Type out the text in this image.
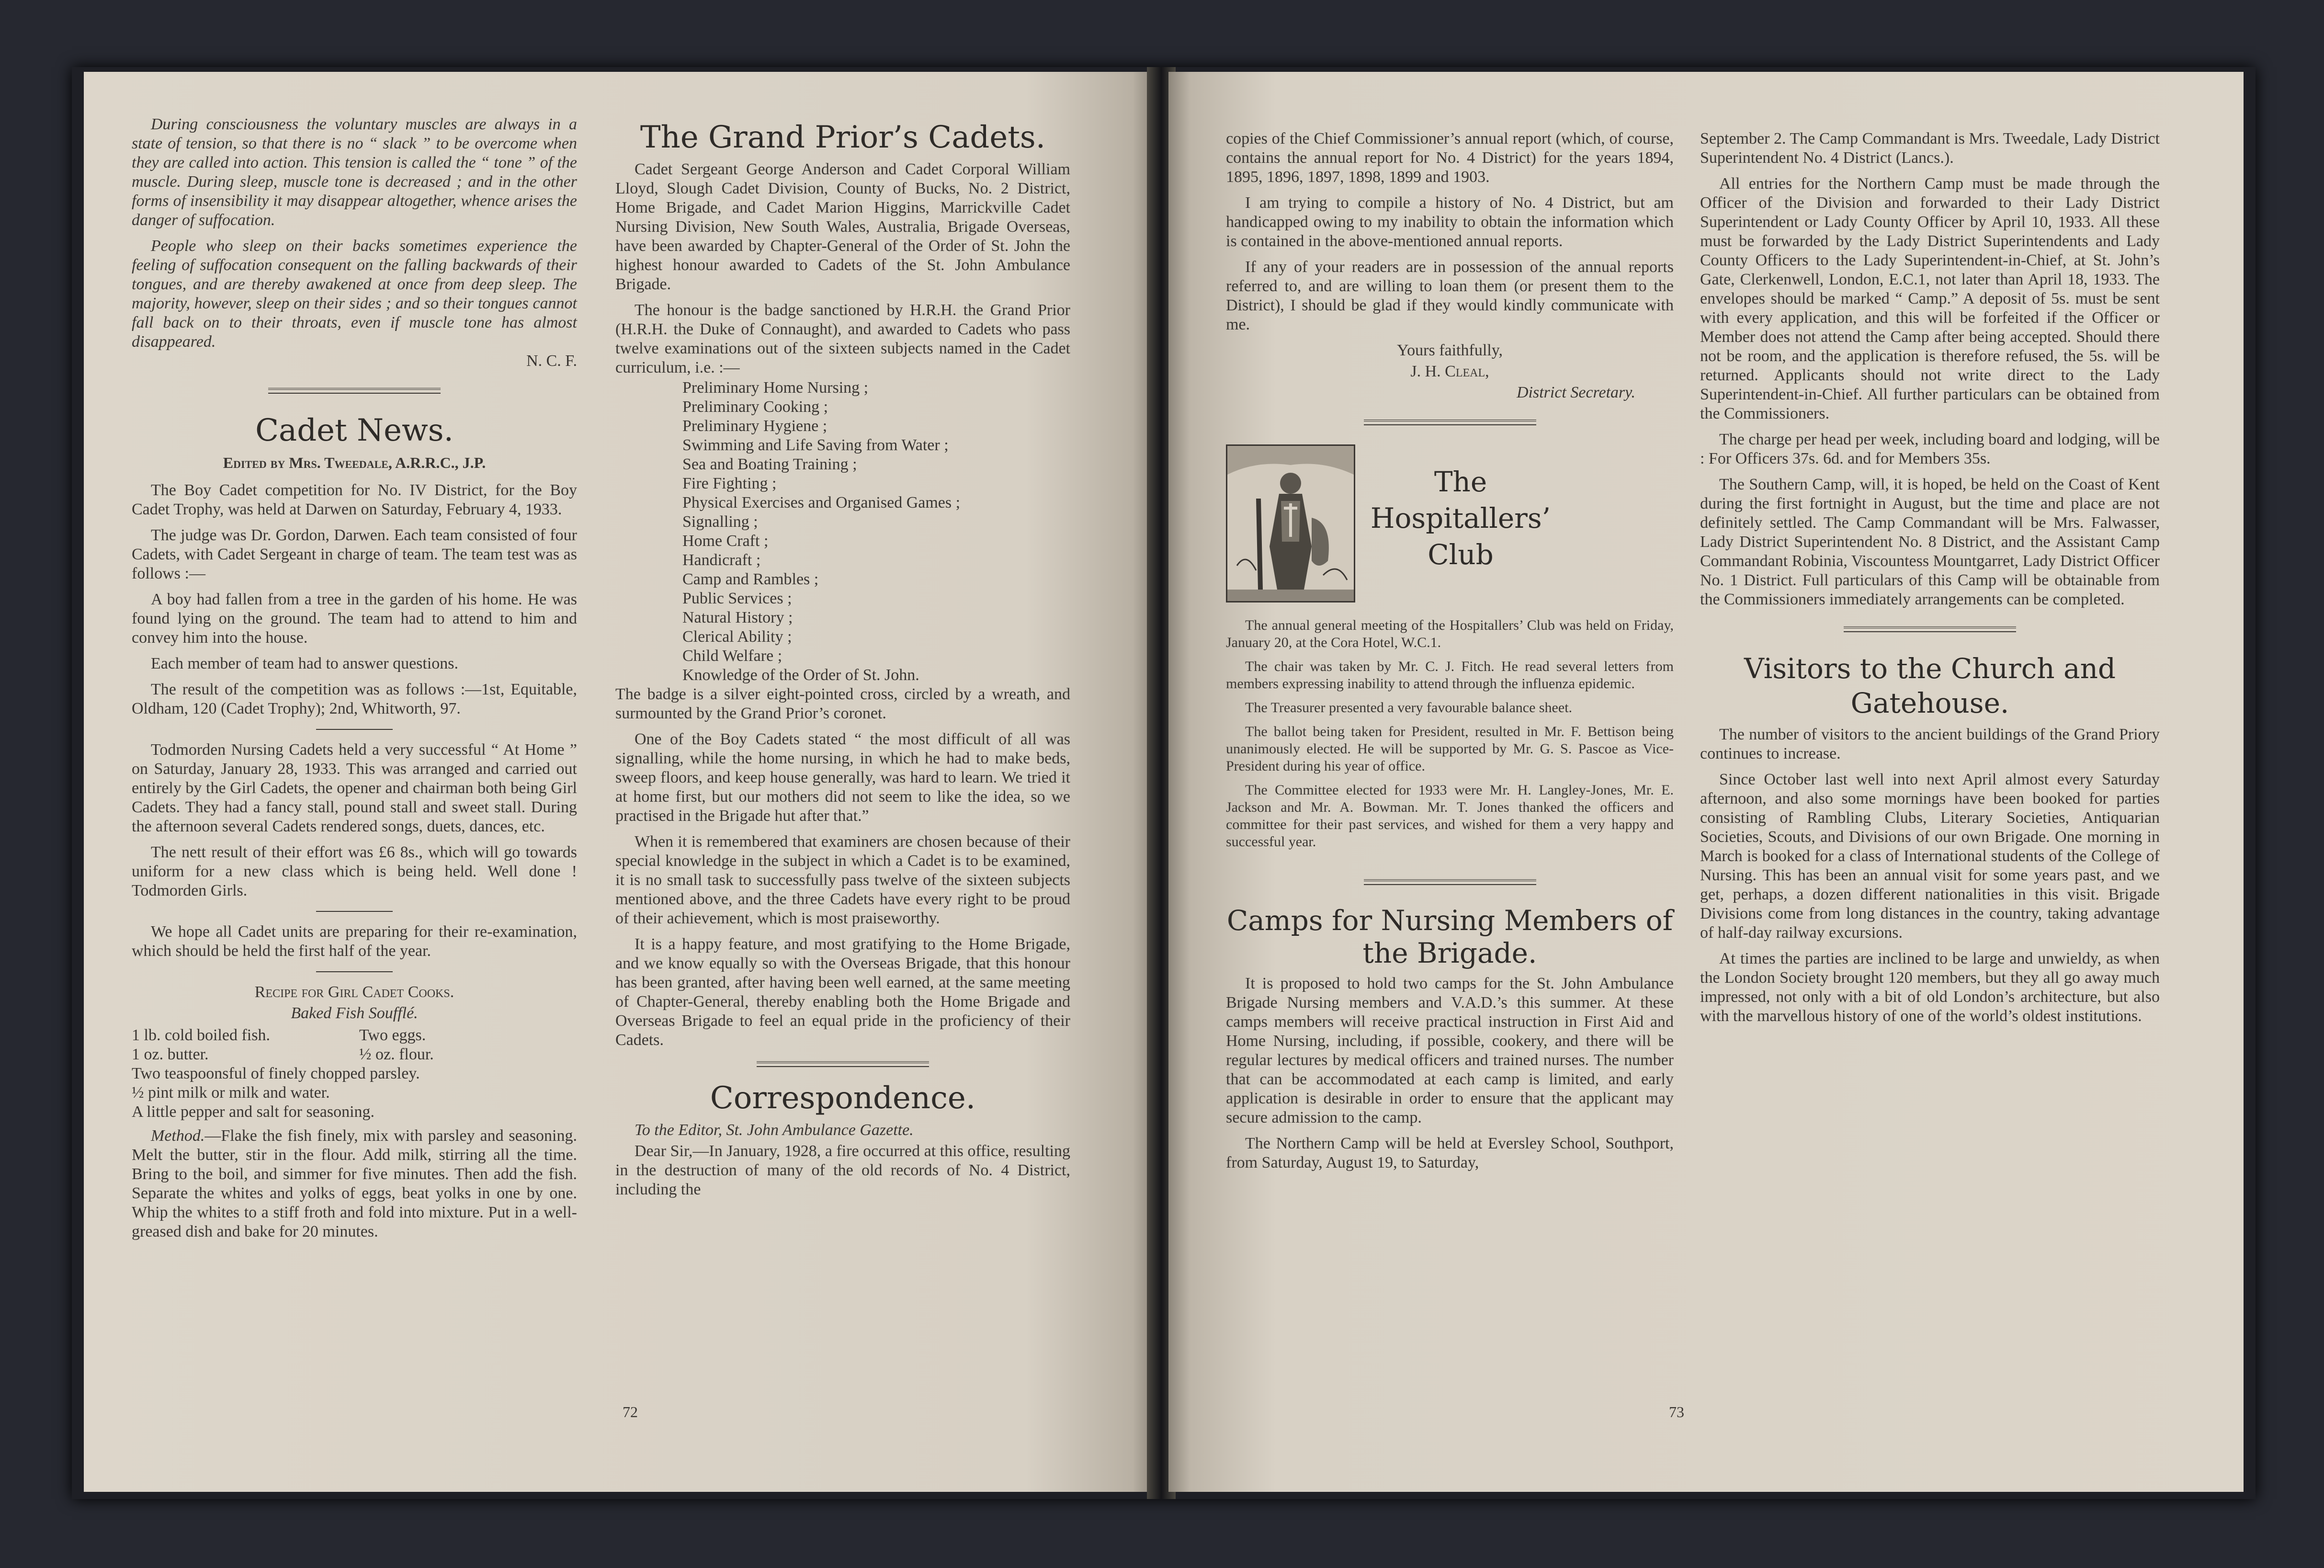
During consciousness the voluntary muscles are always in a state of tension, so that there is no “ slack ” to be overcome when they are called into action. This tension is called the “ tone ” of the muscle. During sleep, muscle tone is decreased ; and in the other forms of insensibility it may disappear altogether, whence arises the danger of suffocation.

People who sleep on their backs sometimes experience the feeling of suffocation consequent on the falling backwards of their tongues, and are thereby awakened at once from deep sleep. The majority, however, sleep on their sides ; and so their tongues cannot fall back on to their throats, even if muscle tone has almost disappeared.

N. C. F.

Cadet News.
Edited by Mrs. Tweedale, A.R.R.C., J.P.

The Boy Cadet competition for No. IV District, for the Boy Cadet Trophy, was held at Darwen on Saturday, February 4, 1933.

The judge was Dr. Gordon, Darwen. Each team consisted of four Cadets, with Cadet Sergeant in charge of team. The team test was as follows :—

A boy had fallen from a tree in the garden of his home. He was found lying on the ground. The team had to attend to him and convey him into the house.

Each member of team had to answer questions.

The result of the competition was as follows :—1st, Equitable, Oldham, 120 (Cadet Trophy); 2nd, Whitworth, 97.

Todmorden Nursing Cadets held a very successful “ At Home ” on Saturday, January 28, 1933. This was arranged and carried out entirely by the Girl Cadets, the opener and chairman both being Girl Cadets. They had a fancy stall, pound stall and sweet stall. During the afternoon several Cadets rendered songs, duets, dances, etc.

The nett result of their effort was £6 8s., which will go towards uniform for a new class which is being held. Well done ! Todmorden Girls.

We hope all Cadet units are preparing for their re-examination, which should be held the first half of the year.

Recipe for Girl Cadet Cooks.

Baked Fish Soufflé.

1 lb. cold boiled fish.	Two eggs.
1 oz. butter.	½ oz. flour.
Two teaspoonsful of finely chopped parsley.
½ pint milk or milk and water.
A little pepper and salt for seasoning.

Method.—Flake the fish finely, mix with parsley and seasoning. Melt the butter, stir in the flour. Add milk, stirring all the time. Bring to the boil, and simmer for five minutes. Then add the fish. Separate the whites and yolks of eggs, beat yolks in one by one. Whip the whites to a stiff froth and fold into mixture. Put in a well-greased dish and bake for 20 minutes.

The Grand Prior’s Cadets.

Cadet Sergeant George Anderson and Cadet Corporal William Lloyd, Slough Cadet Division, County of Bucks, No. 2 District, Home Brigade, and Cadet Marion Higgins, Marrickville Cadet Nursing Division, New South Wales, Australia, Brigade Overseas, have been awarded by Chapter-General of the Order of St. John the highest honour awarded to Cadets of the St. John Ambulance Brigade.

The honour is the badge sanctioned by H.R.H. the Grand Prior (H.R.H. the Duke of Connaught), and awarded to Cadets who pass twelve examinations out of the sixteen subjects named in the Cadet curriculum, i.e. :—

Preliminary Home Nursing ;
Preliminary Cooking ;
Preliminary Hygiene ;
Swimming and Life Saving from Water ;
Sea and Boating Training ;
Fire Fighting ;
Physical Exercises and Organised Games ;
Signalling ;
Home Craft ;
Handicraft ;
Camp and Rambles ;
Public Services ;
Natural History ;
Clerical Ability ;
Child Welfare ;
Knowledge of the Order of St. John.

The badge is a silver eight-pointed cross, circled by a wreath, and surmounted by the Grand Prior’s coronet.

One of the Boy Cadets stated “ the most difficult of all was signalling, while the home nursing, in which he had to make beds, sweep floors, and keep house generally, was hard to learn. We tried it at home first, but our mothers did not seem to like the idea, so we practised in the Brigade hut after that.”

When it is remembered that examiners are chosen because of their special knowledge in the subject in which a Cadet is to be examined, it is no small task to successfully pass twelve of the sixteen subjects mentioned above, and the three Cadets have every right to be proud of their achievement, which is most praiseworthy.

It is a happy feature, and most gratifying to the Home Brigade, and we know equally so with the Overseas Brigade, that this honour has been granted, after having been well earned, at the same meeting of Chapter-General, thereby enabling both the Home Brigade and Overseas Brigade to feel an equal pride in the proficiency of their Cadets.

Correspondence.

To the Editor, St. John Ambulance Gazette.

Dear Sir,—In January, 1928, a fire occurred at this office, resulting in the destruction of many of the old records of No. 4 District, including the

72

copies of the Chief Commissioner’s annual report (which, of course, contains the annual report for No. 4 District) for the years 1894, 1895, 1896, 1897, 1898, 1899 and 1903.

I am trying to compile a history of No. 4 District, but am handicapped owing to my inability to obtain the information which is contained in the above-mentioned annual reports.

If any of your readers are in possession of the annual reports referred to, and are willing to loan them (or present them to the District), I should be glad if they would kindly communicate with me.

Yours faithfully,

J. H. Cleal,

District Secretary.

The Hospitallers’ Club

The annual general meeting of the Hospitallers’ Club was held on Friday, January 20, at the Cora Hotel, W.C.1.

The chair was taken by Mr. C. J. Fitch. He read several letters from members expressing inability to attend through the influenza epidemic.

The Treasurer presented a very favourable balance sheet.

The ballot being taken for President, resulted in Mr. F. Bettison being unanimously elected. He will be supported by Mr. G. S. Pascoe as Vice-President during his year of office.

The Committee elected for 1933 were Mr. H. Langley-Jones, Mr. E. Jackson and Mr. A. Bowman. Mr. T. Jones thanked the officers and committee for their past services, and wished for them a very happy and successful year.

Camps for Nursing Members of the Brigade.

It is proposed to hold two camps for the St. John Ambulance Brigade Nursing members and V.A.D.’s this summer. At these camps members will receive practical instruction in First Aid and Home Nursing, including, if possible, cookery, and there will be regular lectures by medical officers and trained nurses. The number that can be accommodated at each camp is limited, and early application is desirable in order to ensure that the applicant may secure admission to the camp.

The Northern Camp will be held at Eversley School, Southport, from Saturday, August 19, to Saturday,

September 2. The Camp Commandant is Mrs. Tweedale, Lady District Superintendent No. 4 District (Lancs.).

All entries for the Northern Camp must be made through the Officer of the Division and forwarded to their Lady District Superintendent or Lady County Officer by April 10, 1933. All these must be forwarded by the Lady District Superintendents and Lady County Officers to the Lady Superintendent-in-Chief, at St. John’s Gate, Clerkenwell, London, E.C.1, not later than April 18, 1933. The envelopes should be marked “ Camp.” A deposit of 5s. must be sent with every application, and this will be forfeited if the Officer or Member does not attend the Camp after being accepted. Should there not be room, and the application is therefore refused, the 5s. will be returned. Applicants should not write direct to the Lady Superintendent-in-Chief. All further particulars can be obtained from the Commissioners.

The charge per head per week, including board and lodging, will be : For Officers 37s. 6d. and for Members 35s.

The Southern Camp, will, it is hoped, be held on the Coast of Kent during the first fortnight in August, but the time and place are not definitely settled. The Camp Commandant will be Mrs. Falwasser, Lady District Superintendent No. 8 District, and the Assistant Camp Commandant Robinia, Viscountess Mountgarret, Lady District Officer No. 1 District. Full particulars of this Camp will be obtainable from the Commissioners immediately arrangements can be completed.

Visitors to the Church and Gatehouse.

The number of visitors to the ancient buildings of the Grand Priory continues to increase.

Since October last well into next April almost every Saturday afternoon, and also some mornings have been booked for parties consisting of Rambling Clubs, Literary Societies, Antiquarian Societies, Scouts, and Divisions of our own Brigade. One morning in March is booked for a class of International students of the College of Nursing. This has been an annual visit for some years past, and we get, perhaps, a dozen different nationalities in this visit. Brigade Divisions come from long distances in the country, taking advantage of half-day railway excursions.

At times the parties are inclined to be large and unwieldy, as when the London Society brought 120 members, but they all go away much impressed, not only with a bit of old London’s architecture, but also with the marvellous history of one of the world’s oldest institutions.

73
